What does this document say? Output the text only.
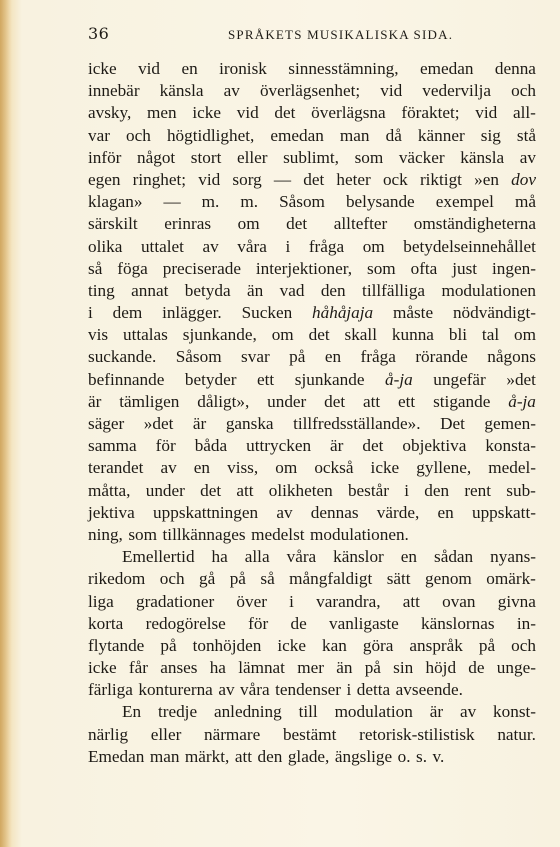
36	SPRÅKETS MUSIKALISKA SIDA.
icke vid en ironisk sinnesstämning, emedan denna
innebär känsla av överlägsenhet; vid vedervilja och
avsky, men icke vid det överlägsna föraktet; vid all-
var och högtidlighet, emedan man då känner sig stå
inför något stort eller sublimt, som väcker känsla av
egen ringhet; vid sorg — det heter ock riktigt »en dov
klagan» — m. m. Såsom belysande exempel må
särskilt erinras om det alltefter omständigheterna
olika uttalet av våra i fråga om betydelseinnehållet
så föga preciserade interjektioner, som ofta just ingen-
ting annat betyda än vad den tillfälliga modulationen
i dem inlägger. Sucken håhåjaja måste nödvändigt-
vis uttalas sjunkande, om det skall kunna bli tal om
suckande. Såsom svar på en fråga rörande någons
befinnande betyder ett sjunkande å-ja ungefär »det
är tämligen dåligt», under det att ett stigande å-ja
säger »det är ganska tillfredsställande». Det gemen-
samma för båda uttrycken är det objektiva konsta-
terandet av en viss, om också icke gyllene, medel-
måtta, under det att olikheten består i den rent sub-
jektiva uppskattningen av dennas värde, en uppskatt-
ning, som tillkännages medelst modulationen.
Emellertid ha alla våra känslor en sådan nyans-
rikedom och gå på så mångfaldigt sätt genom omärk-
liga gradationer över i varandra, att ovan givna
korta redogörelse för de vanligaste känslornas in-
flytande på tonhöjden icke kan göra anspråk på och
icke får anses ha lämnat mer än på sin höjd de unge-
färliga konturerna av våra tendenser i detta avseende.
En tredje anledning till modulation är av konst-
närlig eller närmare bestämt retorisk-stilistisk natur.
Emedan man märkt, att den glade, ängslige o. s. v.
